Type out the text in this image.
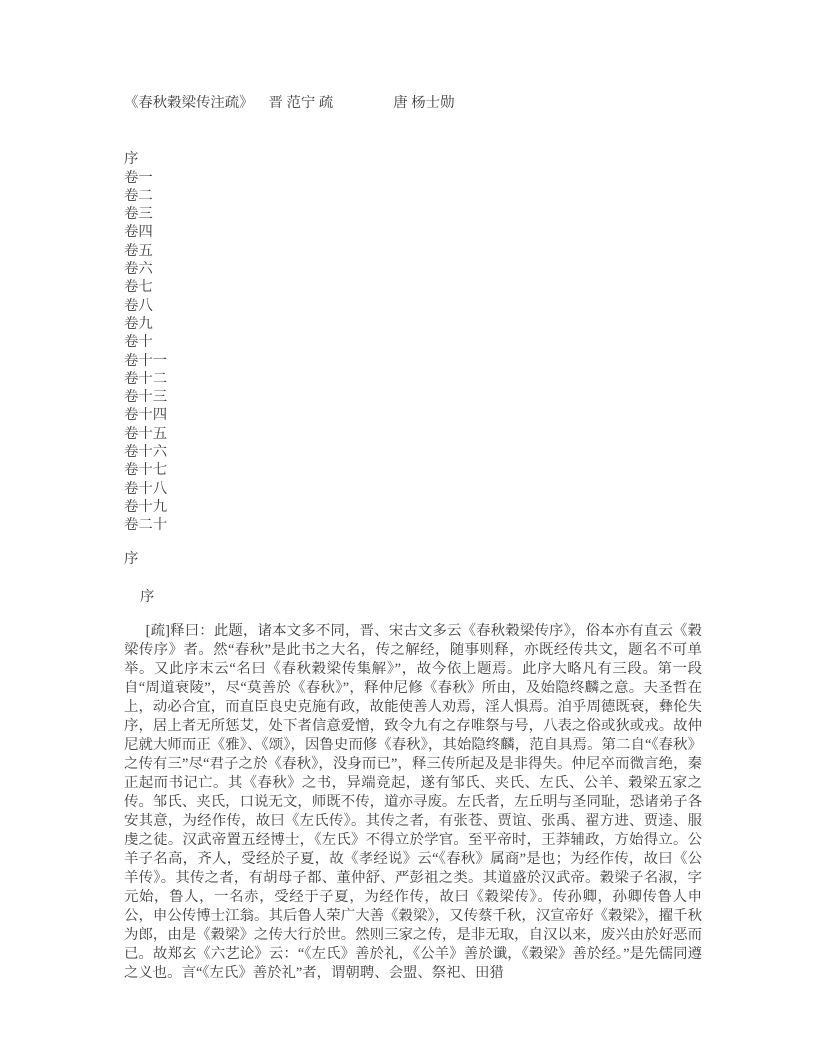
《春秋穀梁传注疏》 晋 范宁 疏	唐 杨士勋
序
卷一
卷二
卷三
卷四
卷五
卷六
卷七
卷八
卷九
卷十
卷十一
卷十二
卷十三
卷十四
卷十五
卷十六
卷十七
卷十八
卷十九
卷二十
序
序

[疏]释曰：此题，诸本文多不同，晋、宋古文多云《春秋穀梁传序》，俗本亦有直云《穀梁传序》者。然“春秋”是此书之大名，传之解经，随事则释，亦既经传共文，题名不可单举。又此序末云“名曰《春秋穀梁传集解》”，故今依上题焉。此序大略凡有三段。第一段自“周道衰陵”，尽“莫善於《春秋》”，释仲尼修《春秋》所由，及始隐终麟之意。夫圣哲在上，动必合宜，而直臣良史克施有政，故能使善人劝焉，淫人惧焉。洎乎周德既衰，彝伦失序，居上者无所惩艾，处下者信意爱憎，致令九有之存唯祭与号，八表之俗或狄或戎。故仲尼就大师而正《雅》、《颂》，因鲁史而修《春秋》，其始隐终麟，范自具焉。第二自“《春秋》之传有三”尽“君子之於《春秋》，没身而已”，释三传所起及是非得失。仲尼卒而微言绝，秦正起而书记亡。其《春秋》之书，异端竞起，遂有邹氏、夹氏、左氏、公羊、穀梁五家之传。邹氏、夹氏，口说无文，师既不传，道亦寻废。左氏者，左丘明与圣同耻，恐诸弟子各安其意，为经作传，故曰《左氏传》。其传之者，有张苍、贾谊、张禹、翟方进、贾逵、服虔之徒。汉武帝置五经博士，《左氏》不得立於学官。至平帝时，王莽辅政，方始得立。公羊子名高，齐人，受经於子夏，故《孝经说》云“《春秋》属商”是也；为经作传，故曰《公羊传》。其传之者，有胡母子都、董仲舒、严彭祖之类。其道盛於汉武帝。穀梁子名淑，字元始，鲁人，一名赤，受经于子夏，为经作传，故曰《穀梁传》。传孙卿，孙卿传鲁人申公，申公传博士江翁。其后鲁人荣广大善《穀梁》，又传蔡千秋，汉宣帝好《穀梁》，擢千秋为郎，由是《穀梁》之传大行於世。然则三家之传，是非无取，自汉以来，废兴由於好恶而已。故郑玄《六艺论》云：“《左氏》善於礼，《公羊》善於谶，《穀梁》善於经。”是先儒同遵之义也。言“《左氏》善於礼”者，谓朝聘、会盟、祭祀、田猎
